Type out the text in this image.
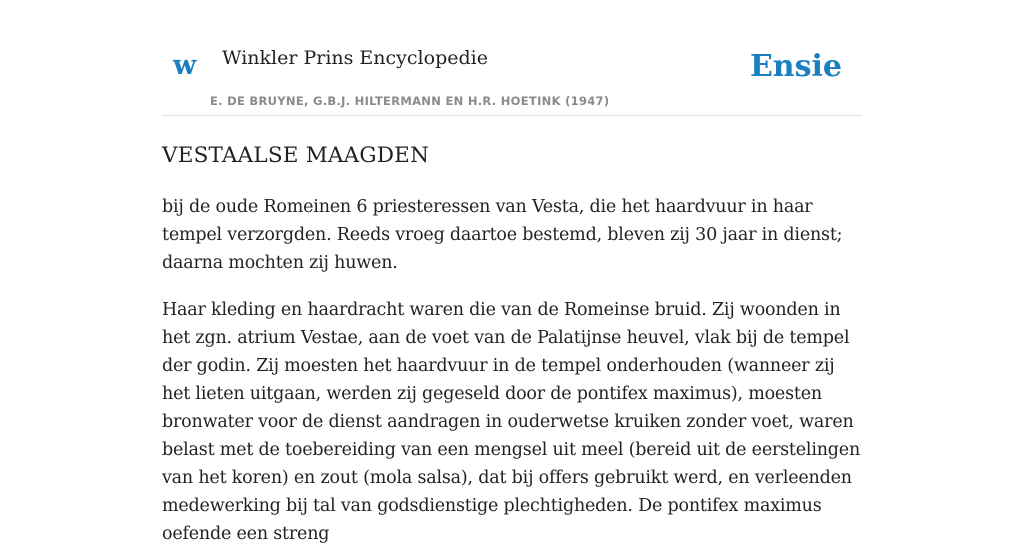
w Winkler Prins Encyclopedie
E. DE BRUYNE, G.B.J. HILTERMANN EN H.R. HOETINK (1947)
Ensie
VESTAALSE MAAGDEN

bij de oude Romeinen 6 priesteressen van Vesta, die het haardvuur in haar tempel verzorgden. Reeds vroeg daartoe bestemd, bleven zij 30 jaar in dienst; daarna mochten zij huwen.

Haar kleding en haardracht waren die van de Romeinse bruid. Zij woonden in het zgn. atrium Vestae, aan de voet van de Palatijnse heuvel, vlak bij de tempel der godin. Zij moesten het haardvuur in de tempel onderhouden (wanneer zij het lieten uitgaan, werden zij gegeseld door de pontifex maximus), moesten bronwater voor de dienst aandragen in ouderwetse kruiken zonder voet, waren belast met de toebereiding van een mengsel uit meel (bereid uit de eerstelingen van het koren) en zout (mola salsa), dat bij offers gebruikt werd, en verleenden medewerking bij tal van godsdienstige plechtigheden. De pontifex maximus oefende een streng
